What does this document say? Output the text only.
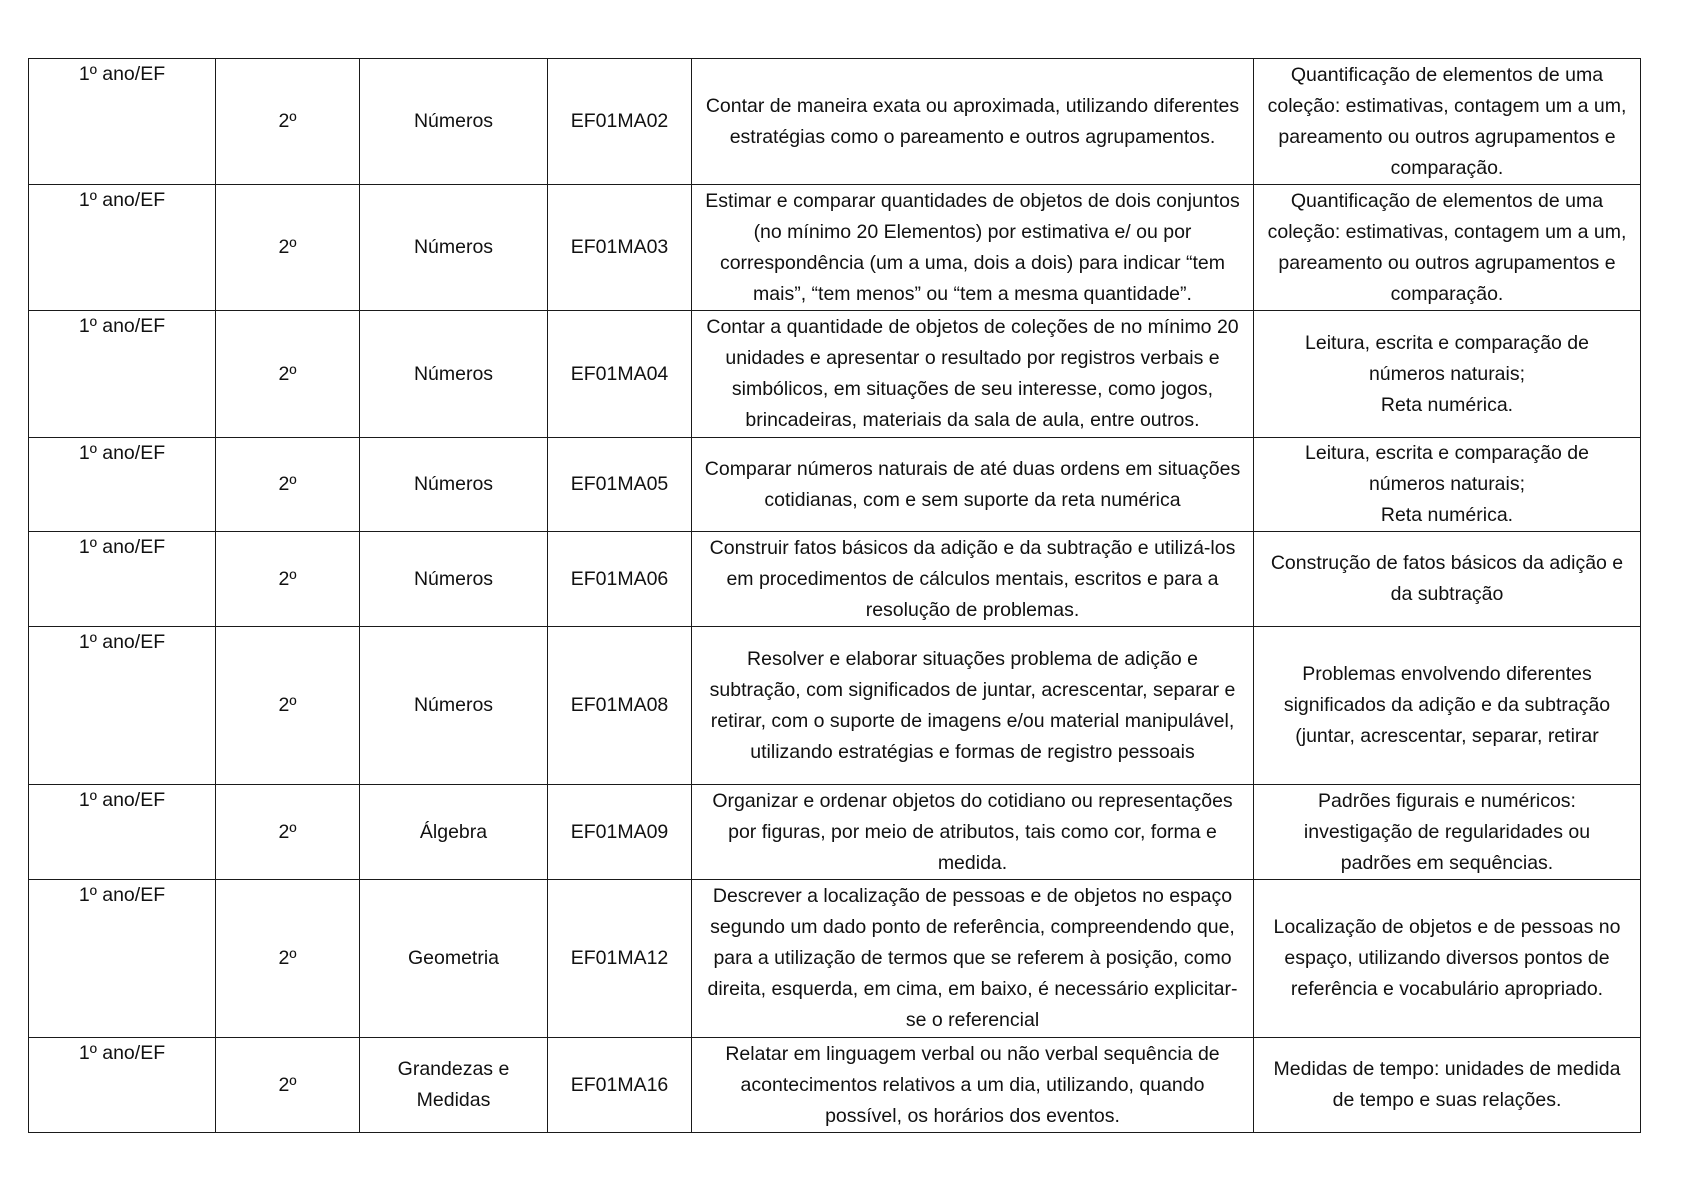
1º ano/EF	2º	Números	EF01MA02	Contar de maneira exata ou aproximada, utilizando diferentes estratégias como o pareamento e outros agrupamentos.	Quantificação de elementos de uma coleção: estimativas, contagem um a um, pareamento ou outros agrupamentos e comparação.
1º ano/EF	2º	Números	EF01MA03	Estimar e comparar quantidades de objetos de dois conjuntos (no mínimo 20 Elementos) por estimativa e/ ou por correspondência (um a uma, dois a dois) para indicar “tem mais”, “tem menos” ou “tem a mesma quantidade”.	Quantificação de elementos de uma coleção: estimativas, contagem um a um, pareamento ou outros agrupamentos e comparação.
1º ano/EF	2º	Números	EF01MA04	Contar a quantidade de objetos de coleções de no mínimo 20 unidades e apresentar o resultado por registros verbais e simbólicos, em situações de seu interesse, como jogos, brincadeiras, materiais da sala de aula, entre outros.	Leitura, escrita e comparação de números naturais;
Reta numérica.
1º ano/EF	2º	Números	EF01MA05	Comparar números naturais de até duas ordens em situações cotidianas, com e sem suporte da reta numérica	Leitura, escrita e comparação de números naturais;
Reta numérica.
1º ano/EF	2º	Números	EF01MA06	Construir fatos básicos da adição e da subtração e utilizá-los em procedimentos de cálculos mentais, escritos e para a resolução de problemas.	Construção de fatos básicos da adição e da subtração
1º ano/EF	2º	Números	EF01MA08	Resolver e elaborar situações problema de adição e subtração, com significados de juntar, acrescentar, separar e retirar, com o suporte de imagens e/ou material manipulável, utilizando estratégias e formas de registro pessoais	Problemas envolvendo diferentes significados da adição e da subtração (juntar, acrescentar, separar, retirar
1º ano/EF	2º	Álgebra	EF01MA09	Organizar e ordenar objetos do cotidiano ou representações por figuras, por meio de atributos, tais como cor, forma e medida.	Padrões figurais e numéricos: investigação de regularidades ou padrões em sequências.
1º ano/EF	2º	Geometria	EF01MA12	Descrever a localização de pessoas e de objetos no espaço segundo um dado ponto de referência, compreendendo que, para a utilização de termos que se referem à posição, como direita, esquerda, em cima, em baixo, é necessário explicitar-se o referencial	Localização de objetos e de pessoas no espaço, utilizando diversos pontos de referência e vocabulário apropriado.
1º ano/EF	2º	Grandezas e Medidas	EF01MA16	Relatar em linguagem verbal ou não verbal sequência de acontecimentos relativos a um dia, utilizando, quando possível, os horários dos eventos.	Medidas de tempo: unidades de medida de tempo e suas relações.
